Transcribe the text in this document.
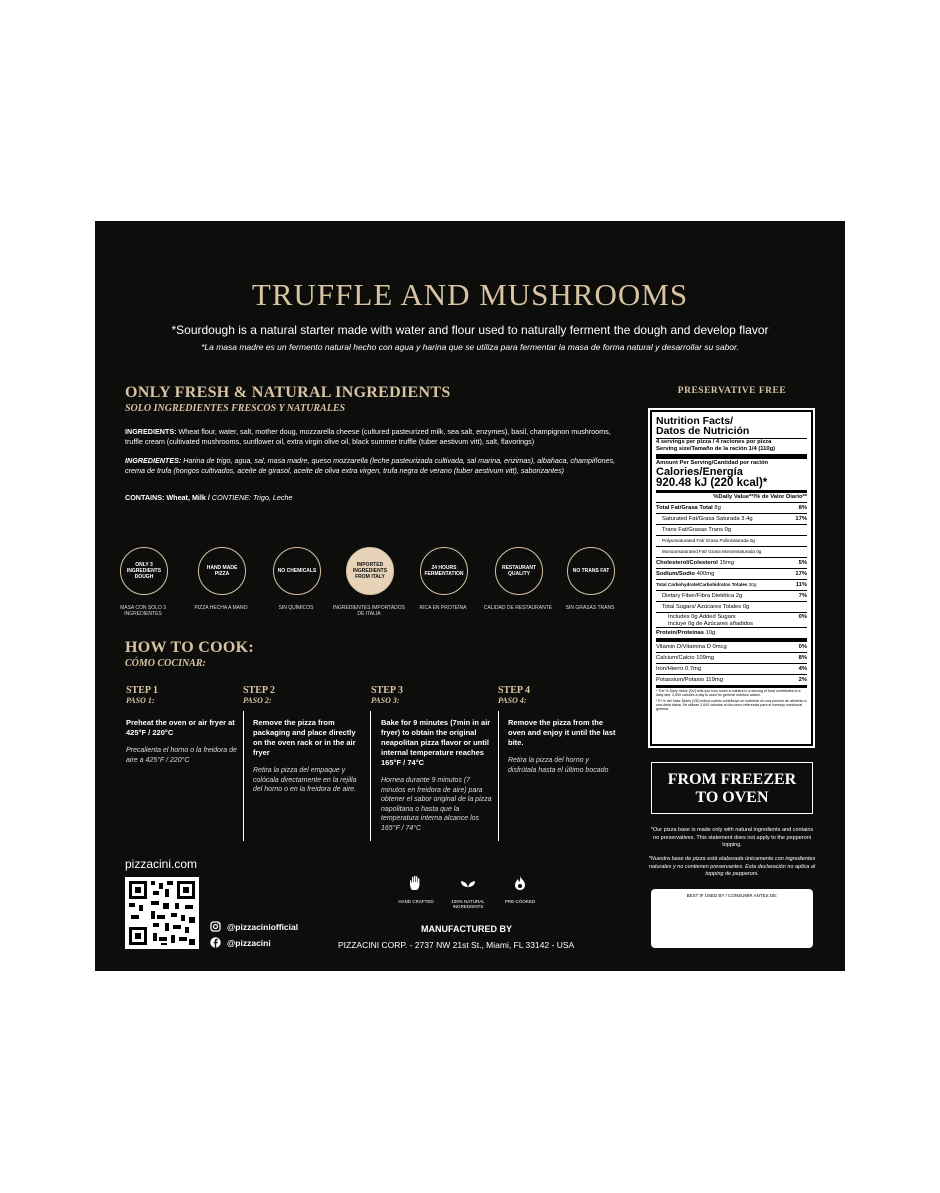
TRUFFLE AND MUSHROOMS
*Sourdough is a natural starter made with water and flour used to naturally ferment the dough and develop flavor
*La masa madre es un fermento natural hecho con agua y harina que se utiliza para fermentar la masa de forma natural y desarrollar su sabor.
ONLY FRESH & NATURAL INGREDIENTS
SOLO INGREDIENTES FRESCOS Y NATURALES
INGREDIENTS: Wheat flour, water, salt, mother doug, mozzarella cheese (cultured pasteurized milk, sea salt, enzymes), basil, champignon mushrooms, truffle cream (cultivated mushrooms, sunflower oil, extra virgin olive oil, black summer truffle (tuber aestivum vitt), salt, flavorings)
INGREDIENTES: Harina de trigo, agua, sal, masa madre, queso mozzarella (leche pasteurizada cultivada, sal marina, enzimas), albahaca, champiñones, crema de trufa (hongos cultivados, aceite de girasol, aceite de oliva extra virgen, trufa negra de verano (tuber aestivum vitt), saborizantes)
CONTAINS: Wheat, Milk / CONTIENE: Trigo, Leche
ONLY 3 INGREDIENTS DOUGH
HAND MADE PIZZA	NO CHEMICALS
IMPORTED INGREDIENTS FROM ITALY
24 HOURS FERMENTATION
RESTAURANT QUALITY	NO TRANS FAT
MASA CON SOLO 3 INGREDIENTES
PIZZA HECHA A MANO	SIN QUÍMICOS	INGREDIENTES IMPORTADOS DE ITALIA
RICA EN PROTEÍNA	CALIDAD DE RESTAURANTE	SIN GRASAS TRANS
HOW TO COOK:
CÓMO COCINAR:
STEP 1
PASO 1:
Preheat the oven or air fryer at 425°F / 220°C
Precalienta el horno o la freidora de aire a 425°F / 220°C
STEP 2
PASO 2:
Remove the pizza from packaging and place directly on the oven rack or in the air fryer
Retira la pizza del empaque y colócala directamente en la rejilla del horno o en la freidora de aire.
STEP 3
PASO 3:
Bake for 9 minutes (7min in air fryer) to obtain the original neapolitan pizza flavor or until internal temperature reaches 165°F / 74°C
Hornea durante 9 minutos (7 minutos en freidora de aire) para obtener el sabor original de la pizza napolitana o hasta que la temperatura interna alcance los 165°F / 74°C
STEP 4
PASO 4:
Remove the pizza from the oven and enjoy it until the last bite.
Retira la pizza del horno y disfrútala hasta el último bocado
pizzacini.com
@pizzaciniofficial
@pizzacini
HAND CRAFTED	100% NATURAL INGREDIENTS
PRE-COOKED
MANUFACTURED BY
PIZZACINI CORP. - 2737 NW 21st St., Miami, FL 33142 - USA
PRESERVATIVE FREE
Nutrition Facts/
Datos de Nutrición
4 servings per pizza / 4 raciones por pizza
Serving size/Tamaño de la ración 1/4 (110g)
Amount Per Serving/Cantidad por ración
Calories/Energía
920.48 kJ (220 kcal)*
%Daily Value**/% de Valor Diario**
Total Fat/Grasa Total 8g	8%
Saturated Fat/Grasa Saturada 3.4g	17%
Trans Fat/Grasas Trans 0g
Polyunsaturated Fat/ Grasa Poliinsaturada 0g
Monounsaturated Fat/ Grasa Monoinsaturada 0g
Cholesterol/Colesterol 15mg	5%
Sodium/Sodio 400mg	17%
Total Carbohydrate/Carbohidratos Totales 30g	11%
Dietary Fiber/Fibra Dietética 2g	7%
Total Sugars/ Azúcares Totales 0g
Includes 0g Added Sugars	0%
Incluye 0g de Azúcares añadidos
Protein/Proteínas 10g
Vitamin D/Vitamina D 0mcg	0%
Calcium/Calcio 109mg	8%
Iron/Hierro 0.7mg	4%
Potassium/Potasio 119mg	2%
* The % Daily Value (DV) tells you how much a nutrient in a serving of food contributes to a daily diet. 2,000 calories a day is used for general nutrition advice.
* El % del Valor Diario (VD) indica cuánto contribuye un nutriente en una porción de alimento a una dieta diaria. Se utilizan 2,000 calorías al día como referencia para el consejo nutricional general.
FROM FREEZER
TO OVEN
*Our pizza base is made only with natural ingredients and contains no preservatives. This statement does not apply to the pepperoni topping.
*Nuestra base de pizza está elaborada únicamente con ingredientes naturales y no contienen preservantes. Esta declaración no aplica al topping de pepperoni.
BEST IF USED BY / CONSUMIR ANTES DE:
